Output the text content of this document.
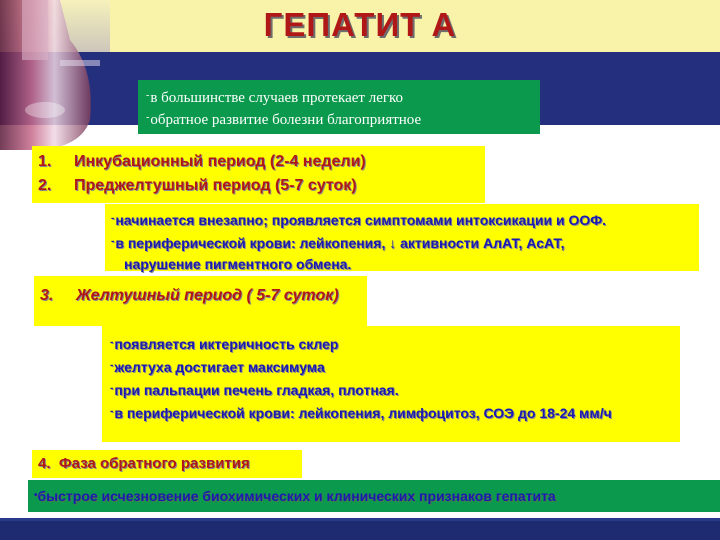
ГЕПАТИТ А
-в большинстве случаев протекает легко
-обратное развитие болезни благоприятное
1. Инкубационный период (2-4 недели)
2. Преджелтушный период (5-7 суток)
-начинается внезапно; проявляется симптомами интоксикации и ООФ.
-в периферической крови: лейкопения, ↓ активности АлАТ, АсАТ,
нарушение пигментного обмена.
3. Желтушный период ( 5-7 суток)
-появляется иктеричность склер
-желтуха достигает максимума
-при пальпации печень гладкая, плотная.
-в периферической крови: лейкопения, лимфоцитоз, СОЭ до 18-24 мм/ч
4. Фаза обратного развития
•быстрое исчезновение биохимических и клинических признаков гепатита
